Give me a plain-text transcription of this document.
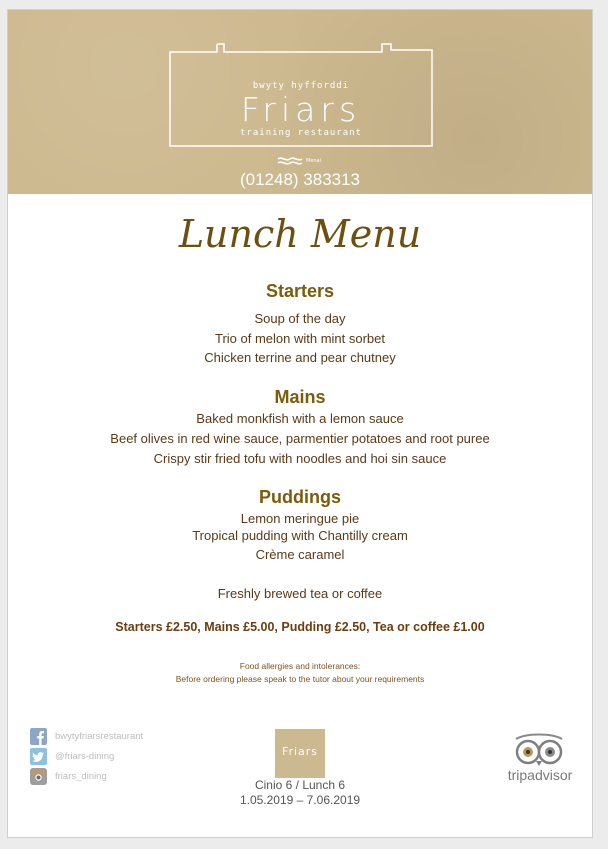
bwyty hyfforddi
Friars
training restaurant
Menai
(01248) 383313
Lunch Menu
Starters
Soup of the day
Trio of melon with mint sorbet
Chicken terrine and pear chutney
Mains
Baked monkfish with a lemon sauce
Beef olives in red wine sauce, parmentier potatoes and root puree
Crispy stir fried tofu with noodles and hoi sin sauce
Puddings
Lemon meringue pie
Tropical pudding with Chantilly cream
Crème caramel
Freshly brewed tea or coffee
Starters £2.50, Mains £5.00, Pudding £2.50, Tea or coffee £1.00
Food allergies and intolerances:
Before ordering please speak to the tutor about your requirements
bwytyfriarsrestaurant
@friars-dining
friars_dining
Friars
Cinio 6 / Lunch 6
1.05.2019 – 7.06.2019
tripadvisor
